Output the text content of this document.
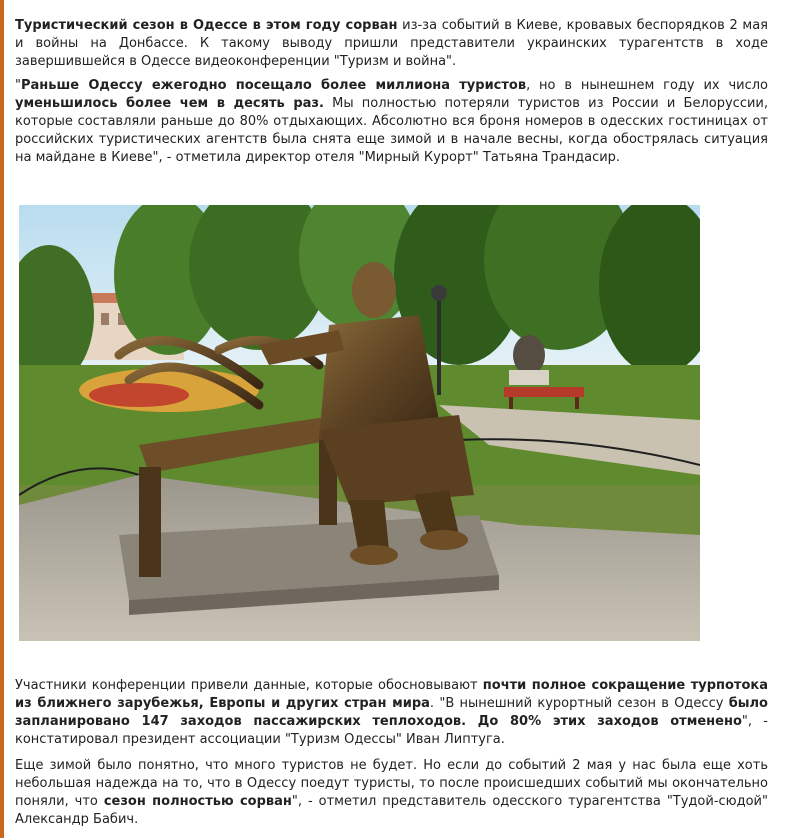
Туристический сезон в Одессе в этом году сорван из-за событий в Киеве, кровавых беспорядков 2 мая и войны на Донбассе. К такому выводу пришли представители украинских турагентств в ходе завершившейся в Одессе видеоконференции "Туризм и война".

"Раньше Одессу ежегодно посещало более миллиона туристов, но в нынешнем году их число уменьшилось более чем в десять раз. Мы полностью потеряли туристов из России и Белоруссии, которые составляли раньше до 80% отдыхающих. Абсолютно вся броня номеров в одесских гостиницах от российских туристических агентств была снята еще зимой и в начале весны, когда обострялась ситуация на майдане в Киеве", - отметила директор отеля "Мирный Курорт" Татьяна Трандасир.

Участники конференции привели данные, которые обосновывают почти полное сокращение турпотока из ближнего зарубежья, Европы и других стран мира. "В нынешний курортный сезон в Одессу было запланировано 147 заходов пассажирских теплоходов. До 80% этих заходов отменено", - констатировал президент ассоциации "Туризм Одессы" Иван Липтуга.

Еще зимой было понятно, что много туристов не будет. Но если до событий 2 мая у нас была еще хоть небольшая надежда на то, что в Одессу поедут туристы, то после происшедших событий мы окончательно поняли, что сезон полностью сорван", - отметил представитель одесского турагентства "Тудой-сюдой" Александр Бабич.
